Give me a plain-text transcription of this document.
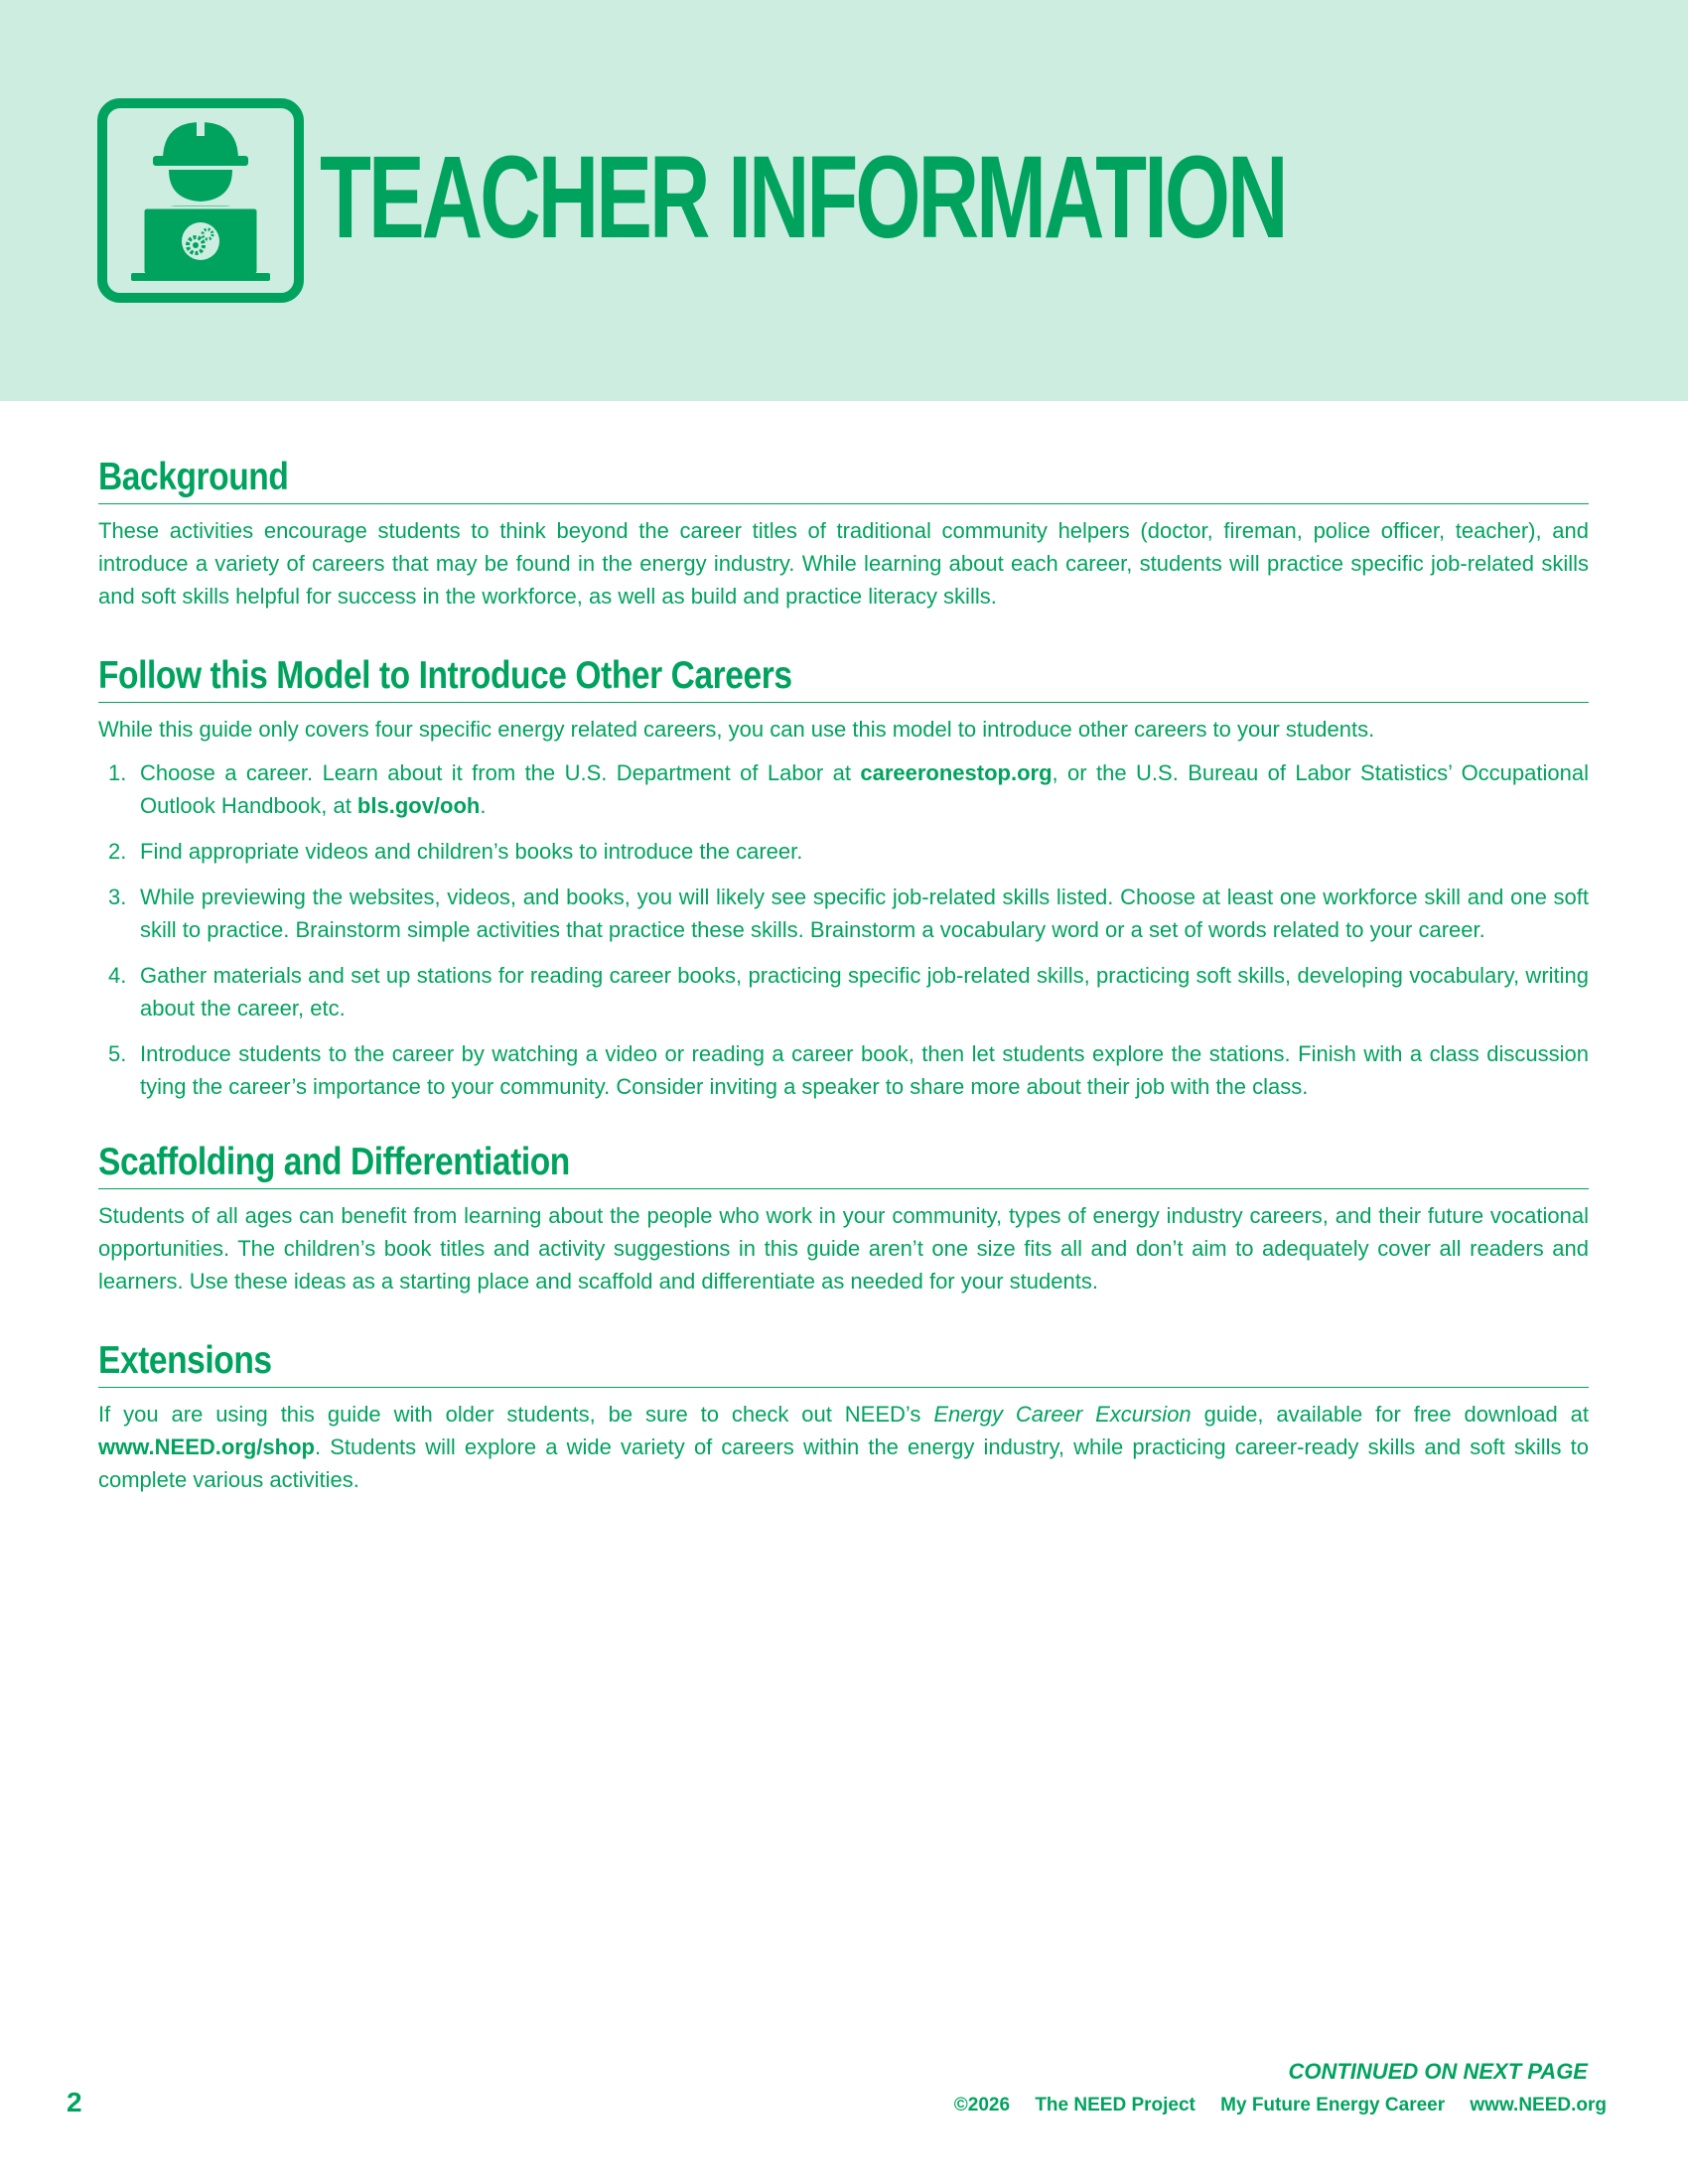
TEACHER INFORMATION
Background

These activities encourage students to think beyond the career titles of traditional community helpers (doctor, fireman, police officer, teacher), and introduce a variety of careers that may be found in the energy industry. While learning about each career, students will practice specific job-related skills and soft skills helpful for success in the workforce, as well as build and practice literacy skills.

Follow this Model to Introduce Other Careers

While this guide only covers four specific energy related careers, you can use this model to introduce other careers to your students.

1. Choose a career. Learn about it from the U.S. Department of Labor at careeronestop.org, or the U.S. Bureau of Labor Statistics’ Occupational Outlook Handbook, at bls.gov/ooh.
2. Find appropriate videos and children’s books to introduce the career.
3. While previewing the websites, videos, and books, you will likely see specific job-related skills listed. Choose at least one workforce skill and one soft skill to practice. Brainstorm simple activities that practice these skills. Brainstorm a vocabulary word or a set of words related to your career.
4. Gather materials and set up stations for reading career books, practicing specific job-related skills, practicing soft skills, developing vocabulary, writing about the career, etc.
5. Introduce students to the career by watching a video or reading a career book, then let students explore the stations. Finish with a class discussion tying the career’s importance to your community. Consider inviting a speaker to share more about their job with the class.
Scaffolding and Differentiation

Students of all ages can benefit from learning about the people who work in your community, types of energy industry careers, and their future vocational opportunities. The children’s book titles and activity suggestions in this guide aren’t one size fits all and don’t aim to adequately cover all readers and learners. Use these ideas as a starting place and scaffold and differentiate as needed for your students.

Extensions

If you are using this guide with older students, be sure to check out NEED’s Energy Career Excursion guide, available for free download at www.NEED.org/shop. Students will explore a wide variety of careers within the energy industry, while practicing career-ready skills and soft skills to complete various activities.

CONTINUED ON NEXT PAGE
2	©2026 The NEED Project My Future Energy Career www.NEED.org
